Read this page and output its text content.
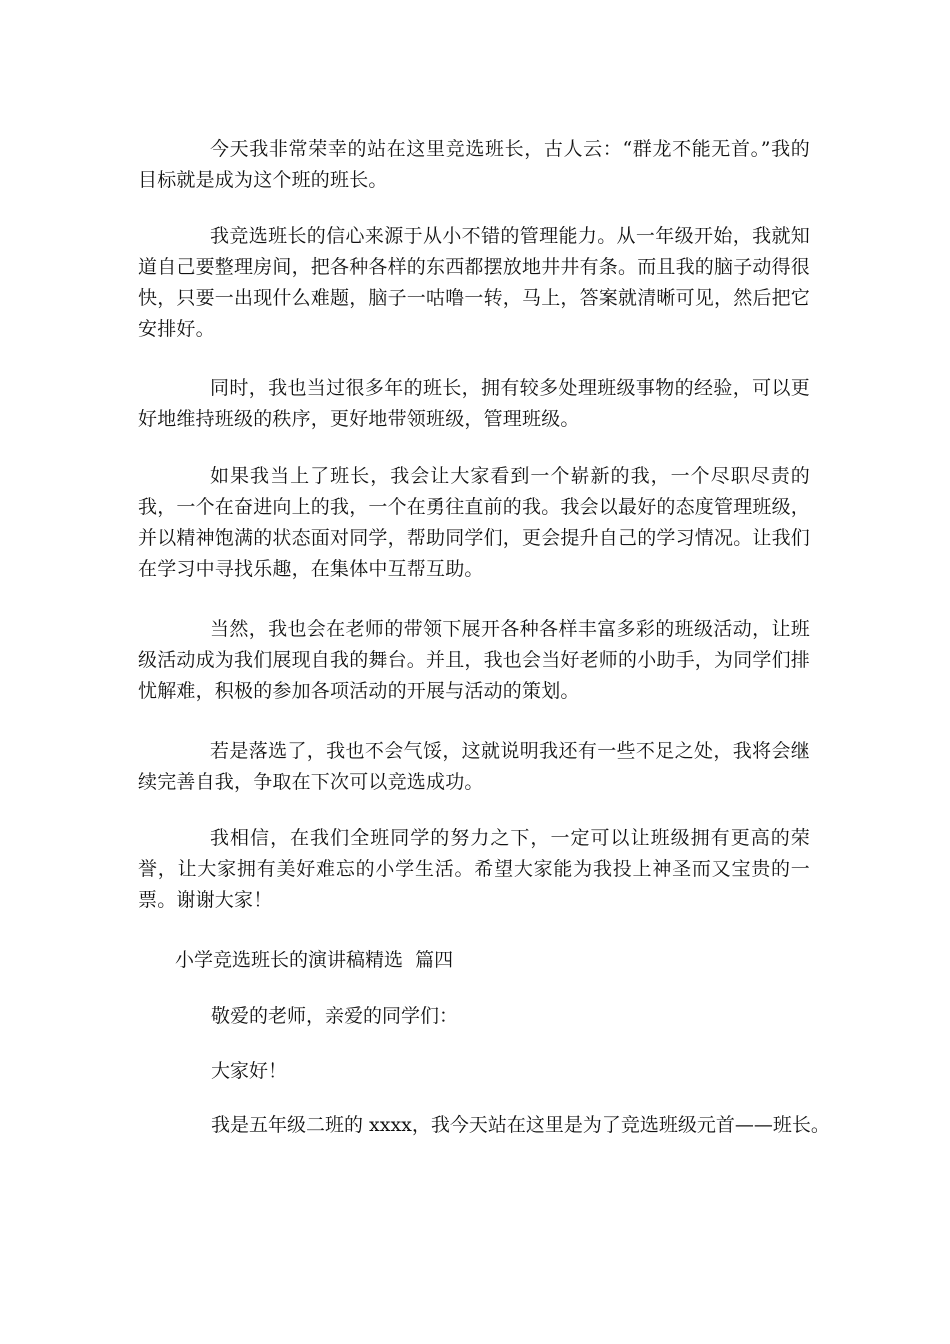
今天我非常荣幸的站在这里竞选班长，古人云：“群龙不能无首。”我的目标就是成为这个班的班长。

我竞选班长的信心来源于从小不错的管理能力。从一年级开始，我就知道自己要整理房间，把各种各样的东西都摆放地井井有条。而且我的脑子动得很快，只要一出现什么难题，脑子一咕噜一转，马上，答案就清晰可见，然后把它安排好。

同时，我也当过很多年的班长，拥有较多处理班级事物的经验，可以更好地维持班级的秩序，更好地带领班级，管理班级。

如果我当上了班长，我会让大家看到一个崭新的我，一个尽职尽责的我，一个在奋进向上的我，一个在勇往直前的我。我会以最好的态度管理班级，并以精神饱满的状态面对同学，帮助同学们，更会提升自己的学习情况。让我们在学习中寻找乐趣，在集体中互帮互助。

当然，我也会在老师的带领下展开各种各样丰富多彩的班级活动，让班级活动成为我们展现自我的舞台。并且，我也会当好老师的小助手，为同学们排忧解难，积极的参加各项活动的开展与活动的策划。

若是落选了，我也不会气馁，这就说明我还有一些不足之处，我将会继续完善自我，争取在下次可以竞选成功。

我相信，在我们全班同学的努力之下，一定可以让班级拥有更高的荣誉，让大家拥有美好难忘的小学生活。希望大家能为我投上神圣而又宝贵的一票。谢谢大家！

小学竞选班长的演讲稿精选  篇四

敬爱的老师，亲爱的同学们：

大家好！

我是五年级二班的 xxxx，我今天站在这里是为了竞选班级元首——班长。
